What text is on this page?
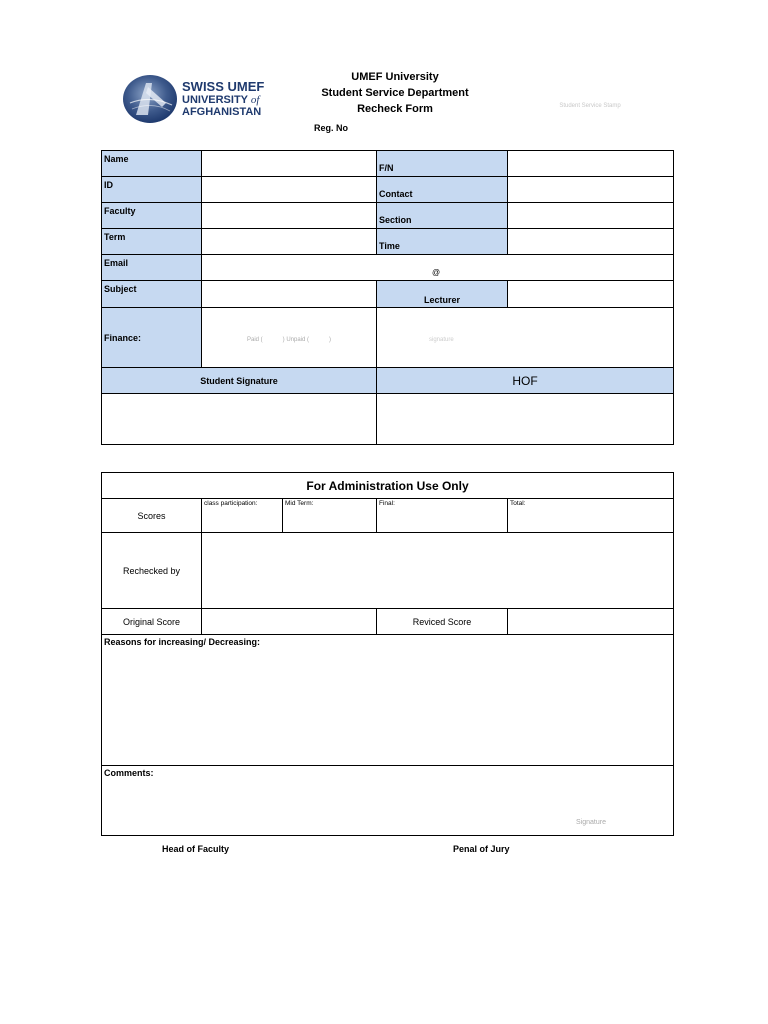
SWISS UMEF
UNIVERSITY of
AFGHANISTAN
UMEF University
Student Service Department
Recheck Form	Student Service Stamp
Reg. No
Name		F/N	
ID		Contact	
Faculty		Section	
Term		Time	
Email	@		

Subject		Lecturer	
Finance:	Paid (            ) Unpaid (            )	signature	
Student Signature		HOF	

For Administration Use Only				
Scores	class participation:	Mid Term:	Final:	Total:
Rechecked by				
Original Score			Reviced Score	

Reasons for increasing/ Decreasing:				

Comments:
Signature				
Head of Faculty	Penal of Jury
